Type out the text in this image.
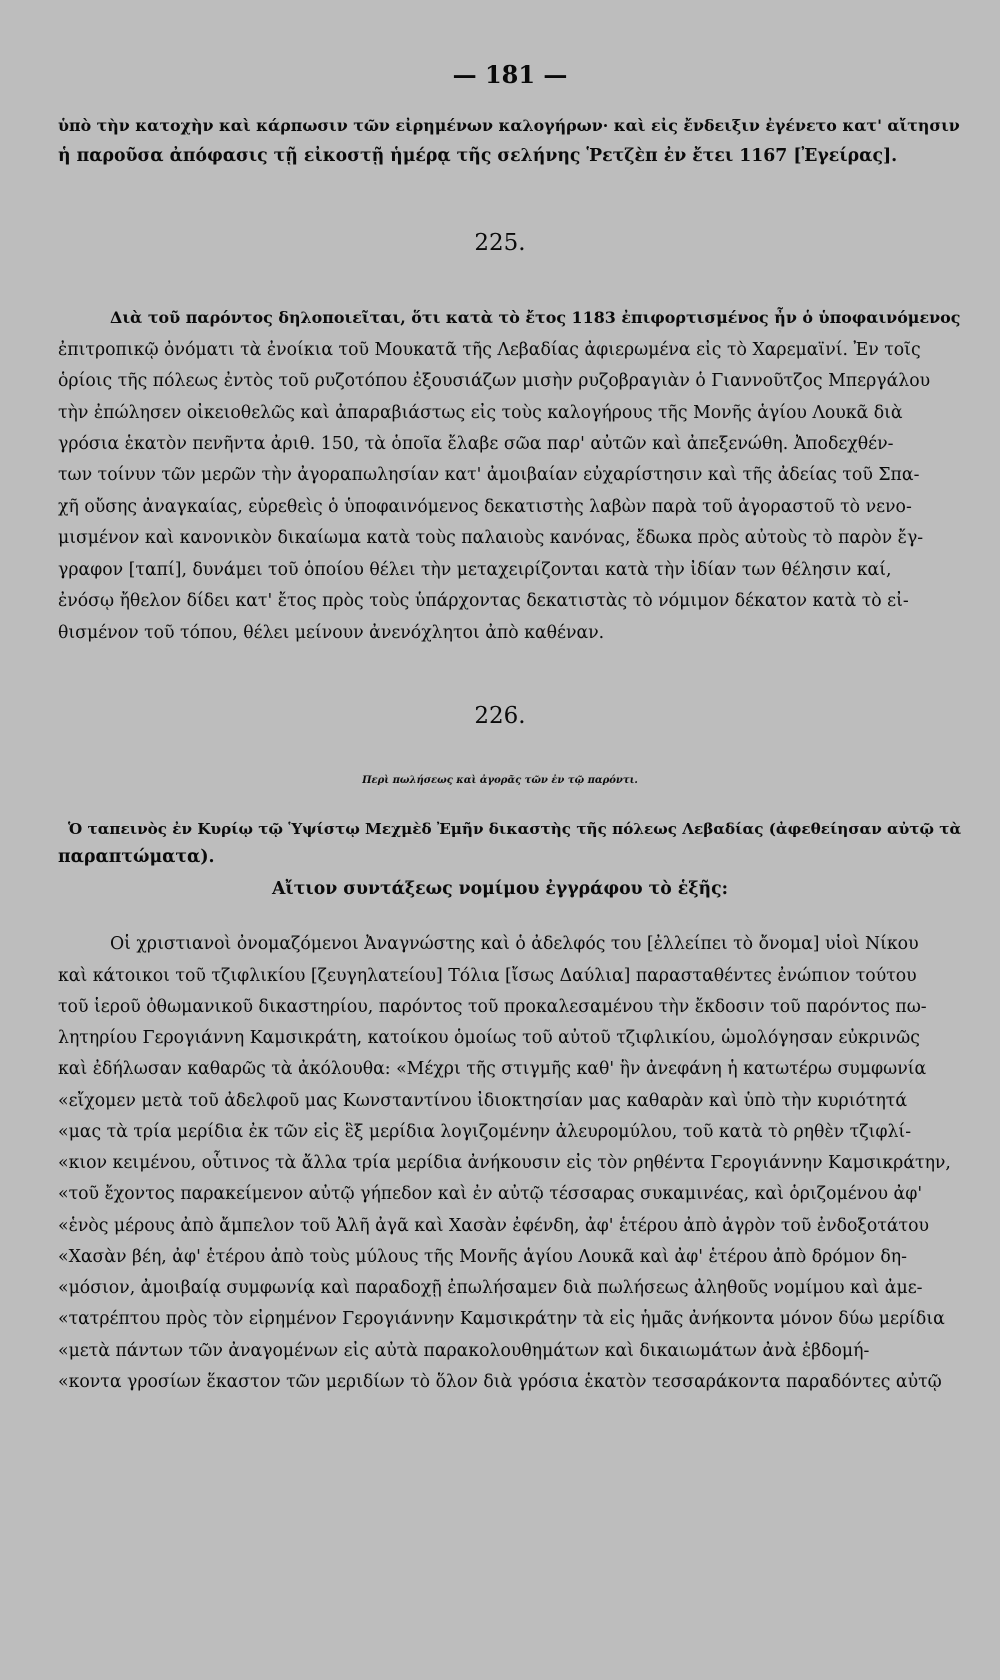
— 181 —
ὑπὸ τὴν κατοχὴν καὶ κάρπωσιν τῶν εἰρημένων καλογήρων· καὶ εἰς ἔνδειξιν ἐγένετο κατ' αἴτησιν
ἡ παροῦσα ἀπόφασις τῇ εἰκοστῇ ἡμέρᾳ τῆς σελήνης Ῥετζὲπ ἐν ἔτει 1167 [Ἐγείρας].
225.
Διὰ τοῦ παρόντος δηλοποιεῖται, ὅτι κατὰ τὸ ἔτος 1183 ἐπιφορτισμένος ἦν ὁ ὑποφαινόμενος
ἐπιτροπικῷ ὀνόματι τὰ ἐνοίκια τοῦ Μουκατᾶ τῆς Λεβαδίας ἀφιερωμένα εἰς τὸ Χαρεμαϊνί. Ἐν τοῖς
ὁρίοις τῆς πόλεως ἐντὸς τοῦ ρυζοτόπου ἐξουσιάζων μισὴν ρυζοβραγιὰν ὁ Γιαννοῦτζος Μπεργάλου
τὴν ἐπώλησεν οἰκειοθελῶς καὶ ἀπαραβιάστως εἰς τοὺς καλογήρους τῆς Μονῆς ἁγίου Λουκᾶ διὰ
γρόσια ἑκατὸν πενῆντα ἀριθ. 150, τὰ ὁποῖα ἔλαβε σῶα παρ' αὐτῶν καὶ ἀπεξενώθη. Ἀποδεχθέν-
των τοίνυν τῶν μερῶν τὴν ἀγοραπωλησίαν κατ' ἀμοιβαίαν εὐχαρίστησιν καὶ τῆς ἀδείας τοῦ Σπα-
χῆ οὔσης ἀναγκαίας, εὑρεθεὶς ὁ ὑποφαινόμενος δεκατιστὴς λαβὼν παρὰ τοῦ ἀγοραστοῦ τὸ νενο-
μισμένον καὶ κανονικὸν δικαίωμα κατὰ τοὺς παλαιοὺς κανόνας, ἔδωκα πρὸς αὐτοὺς τὸ παρὸν ἔγ-
γραφον [ταπί], δυνάμει τοῦ ὁποίου θέλει τὴν μεταχειρίζονται κατὰ τὴν ἰδίαν των θέλησιν καί,
ἐνόσῳ ἤθελον δίδει κατ' ἔτος πρὸς τοὺς ὑπάρχοντας δεκατιστὰς τὸ νόμιμον δέκατον κατὰ τὸ εἰ-
θισμένον τοῦ τόπου, θέλει μείνουν ἀνενόχλητοι ἀπὸ καθέναν.
226.
Περὶ πωλήσεως καὶ ἀγορᾶς τῶν ἐν τῷ παρόντι.
Ὁ ταπεινὸς ἐν Κυρίῳ τῷ Ὑψίστῳ Μεχμὲδ Ἐμῆν δικαστὴς τῆς πόλεως Λεβαδίας (ἀφεθείησαν αὐτῷ τὰ
παραπτώματα).
Αἴτιον συντάξεως νομίμου ἐγγράφου τὸ ἑξῆς:
Οἱ χριστιανοὶ ὀνομαζόμενοι Ἀναγνώστης καὶ ὁ ἀδελφός του [ἐλλείπει τὸ ὄνομα] υἱοὶ Νίκου
καὶ κάτοικοι τοῦ τζιφλικίου [ζευγηλατείου] Τόλια [ἴσως Δαύλια] παρασταθέντες ἐνώπιον τούτου
τοῦ ἱεροῦ ὀθωμανικοῦ δικαστηρίου, παρόντος τοῦ προκαλεσαμένου τὴν ἔκδοσιν τοῦ παρόντος πω-
λητηρίου Γερογιάννη Καμσικράτη, κατοίκου ὁμοίως τοῦ αὐτοῦ τζιφλικίου, ὡμολόγησαν εὐκρινῶς
καὶ ἐδήλωσαν καθαρῶς τὰ ἀκόλουθα: «Μέχρι τῆς στιγμῆς καθ' ἣν ἀνεφάνη ἡ κατωτέρω συμφωνία
«εἴχομεν μετὰ τοῦ ἀδελφοῦ μας Κωνσταντίνου ἰδιοκτησίαν μας καθαρὰν καὶ ὑπὸ τὴν κυριότητά
«μας τὰ τρία μερίδια ἐκ τῶν εἰς ἓξ μερίδια λογιζομένην ἀλευρομύλου, τοῦ κατὰ τὸ ρηθὲν τζιφλί-
«κιον κειμένου, οὗτινος τὰ ἄλλα τρία μερίδια ἀνήκουσιν εἰς τὸν ρηθέντα Γερογιάννην Καμσικράτην,
«τοῦ ἔχοντος παρακείμενον αὐτῷ γήπεδον καὶ ἐν αὐτῷ τέσσαρας συκαμινέας, καὶ ὁριζομένου ἀφ'
«ἑνὸς μέρους ἀπὸ ἄμπελον τοῦ Ἀλῆ ἀγᾶ καὶ Χασὰν ἐφένδη, ἀφ' ἑτέρου ἀπὸ ἀγρὸν τοῦ ἐνδοξοτάτου
«Χασὰν βέη, ἀφ' ἑτέρου ἀπὸ τοὺς μύλους τῆς Μονῆς ἁγίου Λουκᾶ καὶ ἀφ' ἑτέρου ἀπὸ δρόμον δη-
«μόσιον, ἀμοιβαίᾳ συμφωνίᾳ καὶ παραδοχῇ ἐπωλήσαμεν διὰ πωλήσεως ἀληθοῦς νομίμου καὶ ἀμε-
«τατρέπτου πρὸς τὸν εἰρημένον Γερογιάννην Καμσικράτην τὰ εἰς ἡμᾶς ἀνήκοντα μόνον δύω μερίδια
«μετὰ πάντων τῶν ἀναγομένων εἰς αὐτὰ παρακολουθημάτων καὶ δικαιωμάτων ἀνὰ ἑβδομή-
«κοντα γροσίων ἕκαστον τῶν μεριδίων τὸ ὅλον διὰ γρόσια ἑκατὸν τεσσαράκοντα παραδόντες αὐτῷ
